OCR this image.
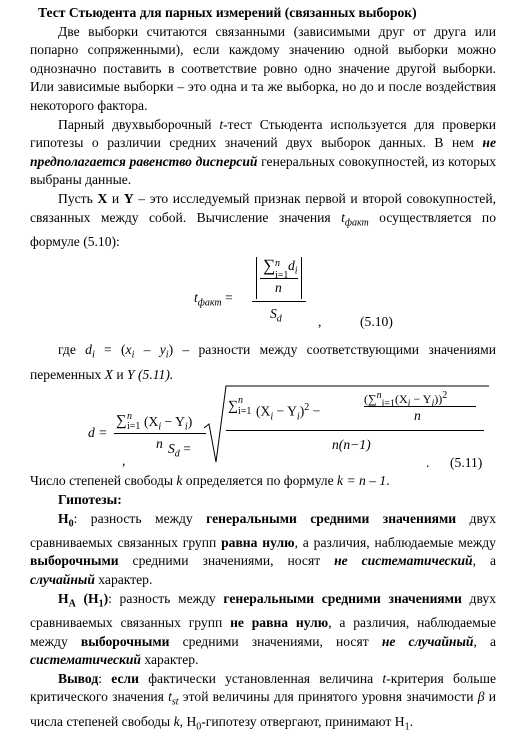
Тест Стьюдента для парных измерений (связанных выборок)

Две выборки считаются связанными (зависимыми друг от друга или попарно сопряженными), если каждому значению одной выборки можно однозначно поставить в соответствие ровно одно значение другой выборки. Или зависимые выборки – это одна и та же выборка, но до и после воздействия некоторого фактора.

Парный двухвыборочный t-тест Стьюдента используется для проверки гипотезы о различии средних значений двух выборок данных. В нем не предполагается равенство дисперсий генеральных совокупностей, из которых выбраны данные.

Пусть X и Y – это исследуемый признак первой и второй совокупностей, связанных между собой. Вычисление значения $t_{факт}$ осуществляется по формуле (5.10):

$t_{факт}$ =
∑ n
i=1
$d_i$
n
$S_d$	,	(5.10)

где $d_i = (x_i - y_i)$ – разности между соответствующими значениями переменных X и Y (5.11).

d =
∑ n
i=1 $(X_i - Y_i)$
n
,
$S_d$ =
∑ n
i=1 $(X_i - Y_i)^2$ −
$(\sum^n_{i=1}(X_i - Y_i))^2$
n
n(n−1)
. (5.11)

Число степеней свободы k определяется по формуле k = n – 1.

Гипотезы:

$H_0$: разность между генеральными средними значениями двух сравниваемых связанных групп равна нулю, а различия, наблюдаемые между выборочными средними значениями, носят не систематический, а случайный характер.

$H_A$ $(H_1)$: разность между генеральными средними значениями двух сравниваемых связанных групп не равна нулю, а различия, наблюдаемые между выборочными средними значениями, носят не случайный, а систематический характер.

Вывод: если фактически установленная величина t-критерия больше критического значения $t_{st}$ этой величины для принятого уровня значимости β и числа степеней свободы k, $H_0$-гипотезу отвергают, принимают $H_1$.
